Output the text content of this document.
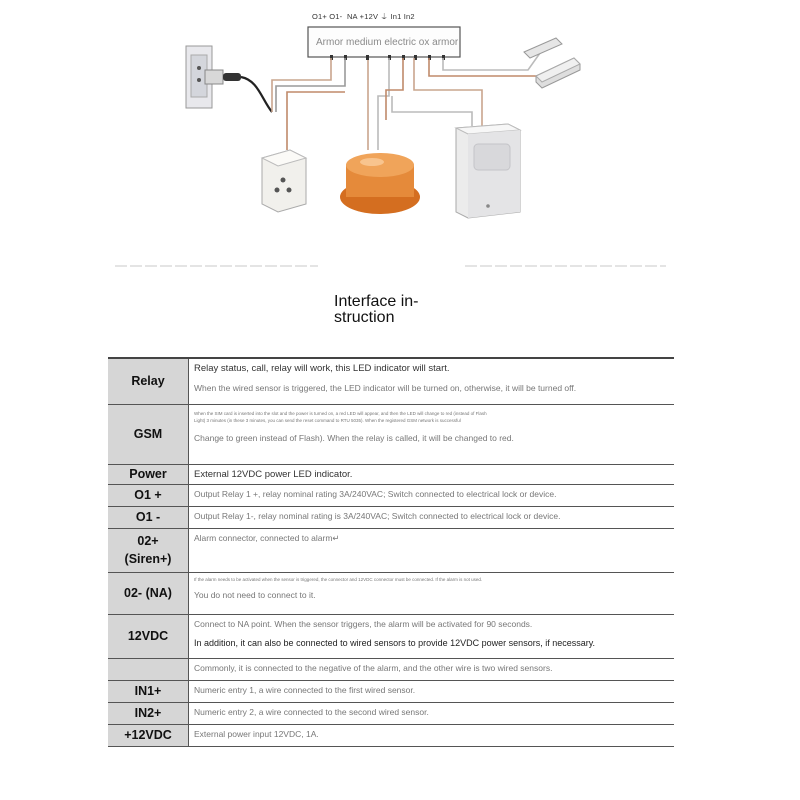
O1+ O1-  NA +12V ⏚ In1 In2
Armor medium electric ox armor
Interface in-
struction
Relay	Relay status, call, relay will work, this LED indicator will start.
When the wired sensor is triggered, the LED indicator will be turned on, otherwise, it will be turned off.

GSM	When the SIM card is inserted into the slot and the power is turned on, a red LED will appear, and then the LED will change to red (instead of Flash
Light) 3 minutes (in these 3 minutes, you can send the reset command to RTU 5035). When the registered GSM network is successful
Change to green instead of Flash). When the relay is called, it will be changed to red.

Power	External 12VDC power LED indicator.

O1 +	Output Relay 1 +, relay nominal rating 3A/240VAC; Switch connected to electrical lock or device.

O1 -	Output Relay 1-, relay nominal rating is 3A/240VAC; Switch connected to electrical lock or device.

02+
(Siren+)	Alarm connector, connected to alarm↵

02- (NA)	If the alarm needs to be activated when the sensor is triggered, the connector and 12VDC connector must be connected. If the alarm is not used.
You do not need to connect to it.

12VDC	Connect to NA point. When the sensor triggers, the alarm will be activated for 90 seconds.
In addition, it can also be connected to wired sensors to provide 12VDC power sensors, if necessary.

	Commonly, it is connected to the negative of the alarm, and the other wire is two wired sensors.

IN1+	Numeric entry 1, a wire connected to the first wired sensor.

IN2+	Numeric entry 2, a wire connected to the second wired sensor.

+12VDC	External power input 12VDC, 1A.
